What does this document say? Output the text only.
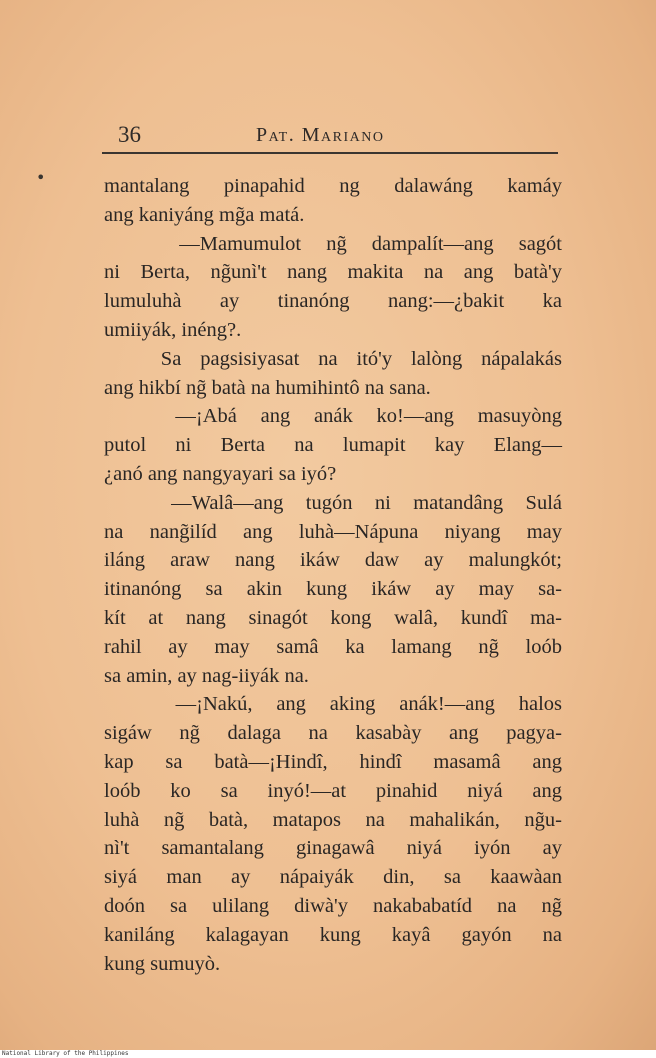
36	Pat. Mariano
•	mantalang pinapahid ng dalawáng kamáy
ang kaniyáng mg̃a matá.
—Mamumulot ng̃ dampalít—ang sagót
ni Berta, ng̃unì't nang makita na ang batà'y
lumuluhà ay tinanóng nang:—¿bakit ka
umiiyák, inéng?.
Sa pagsisiyasat na itó'y lalòng nápalakás
ang hikbí ng̃ batà na humihintô na sana.
—¡Abá ang anák ko!—ang masuyòng
putol ni Berta na lumapit kay Elang—
¿anó ang nangyayari sa iyó?
—Walâ—ang tugón ni matandâng Sulá
na nang̃ilíd ang luhà—Nápuna niyang may
iláng araw nang ikáw daw ay malungkót;
itinanóng sa akin kung ikáw ay may sa-
kít at nang sinagót kong walâ, kundî ma-
rahil ay may samâ ka lamang ng̃ loób
sa amin, ay nag-iiyák na.
—¡Nakú, ang aking anák!—ang halos
sigáw ng̃ dalaga na kasabày ang pagya-
kap sa batà—¡Hindî, hindî masamâ ang
loób ko sa inyó!—at pinahid niyá ang
luhà ng̃ batà, matapos na mahalikán, ng̃u-
nì't samantalang ginagawâ niyá iyón ay
siyá man ay nápaiyák din, sa kaawàan
doón sa ulilang diwà'y nakababatíd na ng̃
kaniláng kalagayan kung kayâ gayón na
kung sumuyò.
National Library of the Philippines
